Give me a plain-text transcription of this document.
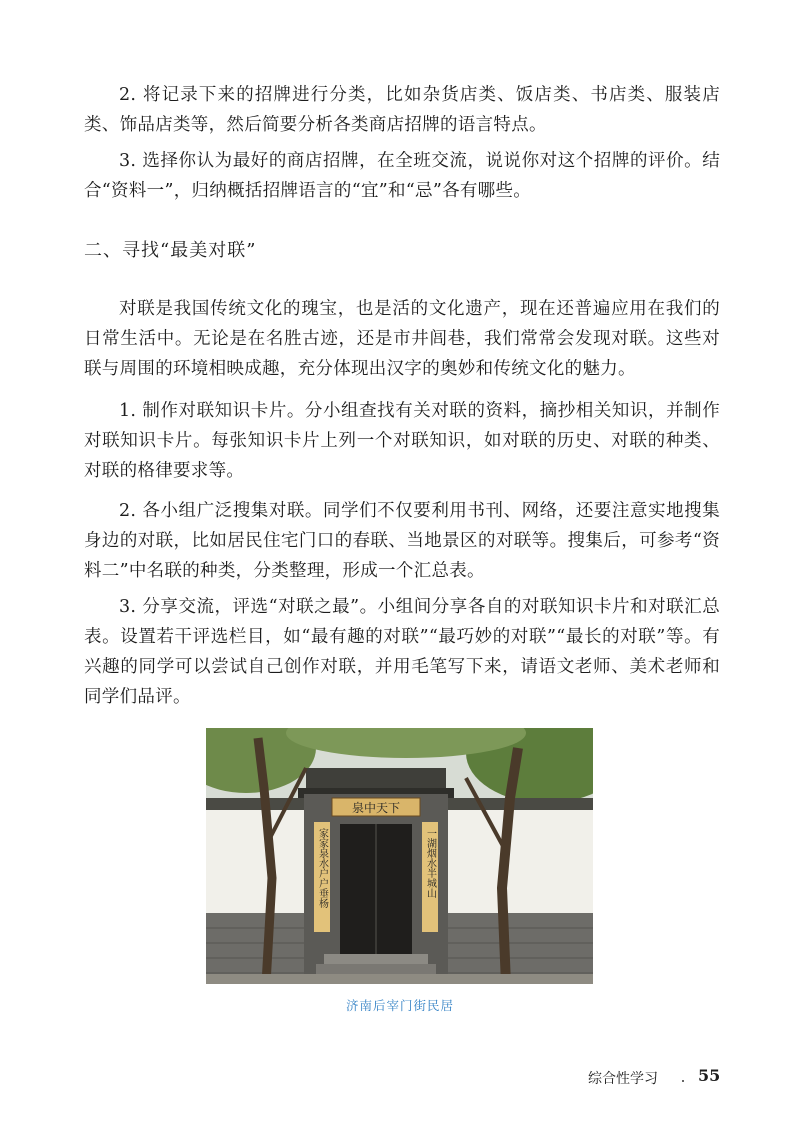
2. 将记录下来的招牌进行分类，比如杂货店类、饭店类、书店类、服装店类、饰品店类等，然后简要分析各类商店招牌的语言特点。

3. 选择你认为最好的商店招牌，在全班交流，说说你对这个招牌的评价。结合“资料一”，归纳概括招牌语言的“宜”和“忌”各有哪些。

二、寻找“最美对联”

对联是我国传统文化的瑰宝，也是活的文化遗产，现在还普遍应用在我们的日常生活中。无论是在名胜古迹，还是市井闾巷，我们常常会发现对联。这些对联与周围的环境相映成趣，充分体现出汉字的奥妙和传统文化的魅力。

1. 制作对联知识卡片。分小组查找有关对联的资料，摘抄相关知识，并制作对联知识卡片。每张知识卡片上列一个对联知识，如对联的历史、对联的种类、对联的格律要求等。

2. 各小组广泛搜集对联。同学们不仅要利用书刊、网络，还要注意实地搜集身边的对联，比如居民住宅门口的春联、当地景区的对联等。搜集后，可参考“资料二”中名联的种类，分类整理，形成一个汇总表。

3. 分享交流，评选“对联之最”。小组间分享各自的对联知识卡片和对联汇总表。设置若干评选栏目，如“最有趣的对联”“最巧妙的对联”“最长的对联”等。有兴趣的同学可以尝试自己创作对联，并用毛笔写下来，请语文老师、美术老师和同学们品评。

泉中天下
家家泉水户户垂杨	一湖烟水半城山
济南后宰门街民居
综合性学习	55
